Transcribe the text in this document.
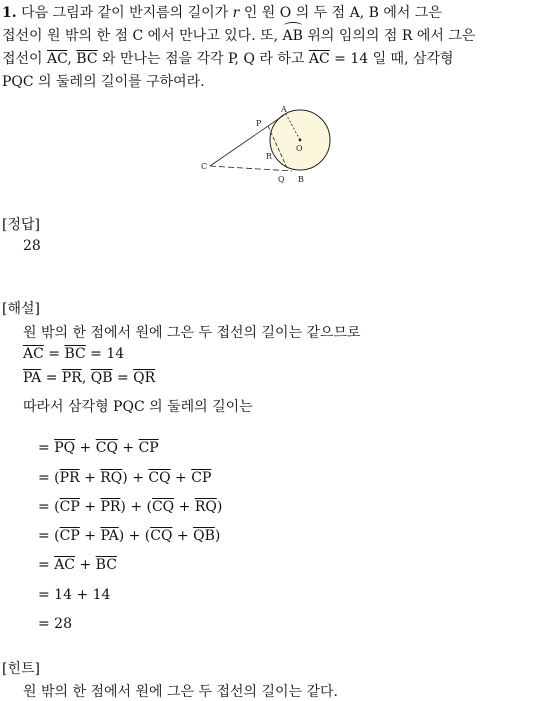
1. 다음 그림과 같이 반지름의 길이가 r 인 원 O 의 두 점 A, B 에서 그은
접선이 원 밖의 한 점 C 에서 만나고 있다. 또, AB 위의 임의의 점 R 에서 그은
접선이 $\overline{AC}$, $\overline{BC}$ 와 만나는 점을 각각 P, Q 라 하고 $\overline{AC} = 14$ 일 때, 삼각형
PQC 의 둘레의 길이를 구하여라.
A
P
O
R
C
Q B
[정답]
28
[해설]
원 밖의 한 점에서 원에 그은 두 접선의 길이는 같으므로
$\overline{AC} = \overline{BC} = 14$
$\overline{PA} = \overline{PR}$, $\overline{QB} = \overline{QR}$
따라서 삼각형 PQC 의 둘레의 길이는
= $\overline{PQ} + \overline{CQ} + \overline{CP}$
= $(\overline{PR} + \overline{RQ}) + \overline{CQ} + \overline{CP}$
= $(\overline{CP} + \overline{PR}) + (\overline{CQ} + \overline{RQ})$
= $(\overline{CP} + \overline{PA}) + (\overline{CQ} + \overline{QB})$
= $\overline{AC} + \overline{BC}$
= 14 + 14
= 28
[힌트]
원 밖의 한 점에서 원에 그은 두 접선의 길이는 같다.
